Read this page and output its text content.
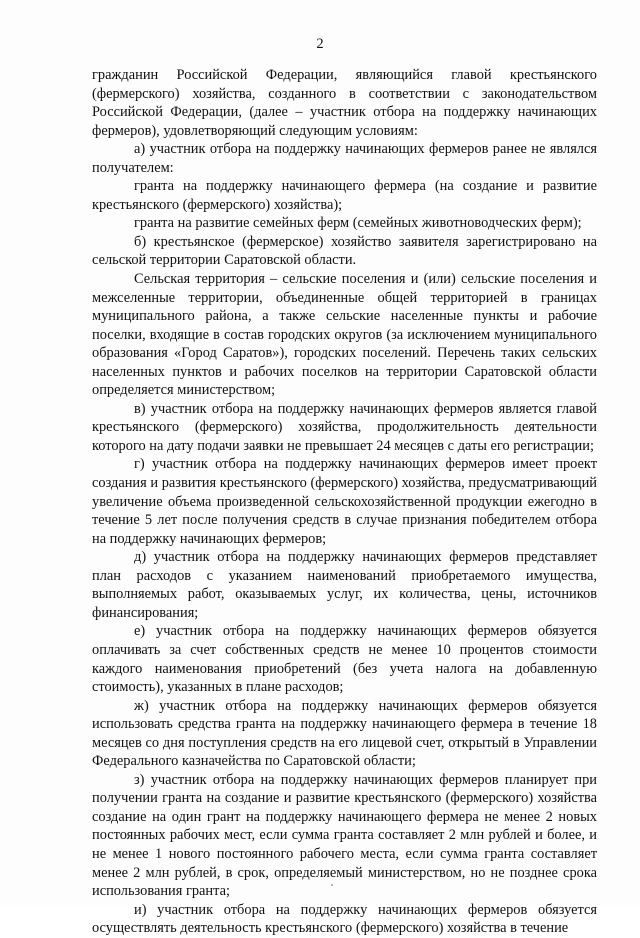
2

гражданин Российской Федерации, являющийся главой крестьянского (фермерского) хозяйства, созданного в соответствии с законодательством Российской Федерации, (далее – участник отбора на поддержку начинающих фермеров), удовлетворяющий следующим условиям:

а) участник отбора на поддержку начинающих фермеров ранее не являлся получателем:

гранта на поддержку начинающего фермера (на создание и развитие крестьянского (фермерского) хозяйства);

гранта на развитие семейных ферм (семейных животноводческих ферм);

б) крестьянское (фермерское) хозяйство заявителя зарегистрировано на сельской территории Саратовской области.

Сельская территория – сельские поселения и (или) сельские поселения и межселенные территории, объединенные общей территорией в границах муниципального района, а также сельские населенные пункты и рабочие поселки, входящие в состав городских округов (за исключением муниципального образования «Город Саратов»), городских поселений. Перечень таких сельских населенных пунктов и рабочих поселков на территории Саратовской области определяется министерством;

в) участник отбора на поддержку начинающих фермеров является главой крестьянского (фермерского) хозяйства, продолжительность деятельности которого на дату подачи заявки не превышает 24 месяцев с даты его регистрации;

г) участник отбора на поддержку начинающих фермеров имеет проект создания и развития крестьянского (фермерского) хозяйства, предусматривающий увеличение объема произведенной сельскохозяйственной продукции ежегодно в течение 5 лет после получения средств в случае признания победителем отбора на поддержку начинающих фермеров;

д) участник отбора на поддержку начинающих фермеров представляет план расходов с указанием наименований приобретаемого имущества, выполняемых работ, оказываемых услуг, их количества, цены, источников финансирования;

е) участник отбора на поддержку начинающих фермеров обязуется оплачивать за счет собственных средств не менее 10 процентов стоимости каждого наименования приобретений (без учета налога на добавленную стоимость), указанных в плане расходов;

ж) участник отбора на поддержку начинающих фермеров обязуется использовать средства гранта на поддержку начинающего фермера в течение 18 месяцев со дня поступления средств на его лицевой счет, открытый в Управлении Федерального казначейства по Саратовской области;

з) участник отбора на поддержку начинающих фермеров планирует при получении гранта на создание и развитие крестьянского (фермерского) хозяйства создание на один грант на поддержку начинающего фермера не менее 2 новых постоянных рабочих мест, если сумма гранта составляет 2 млн рублей и более, и не менее 1 нового постоянного рабочего места, если сумма гранта составляет менее 2 млн рублей, в срок, определяемый министерством, но не позднее срока использования гранта;

и) участник отбора на поддержку начинающих фермеров обязуется осуществлять деятельность крестьянского (фермерского) хозяйства в течение
